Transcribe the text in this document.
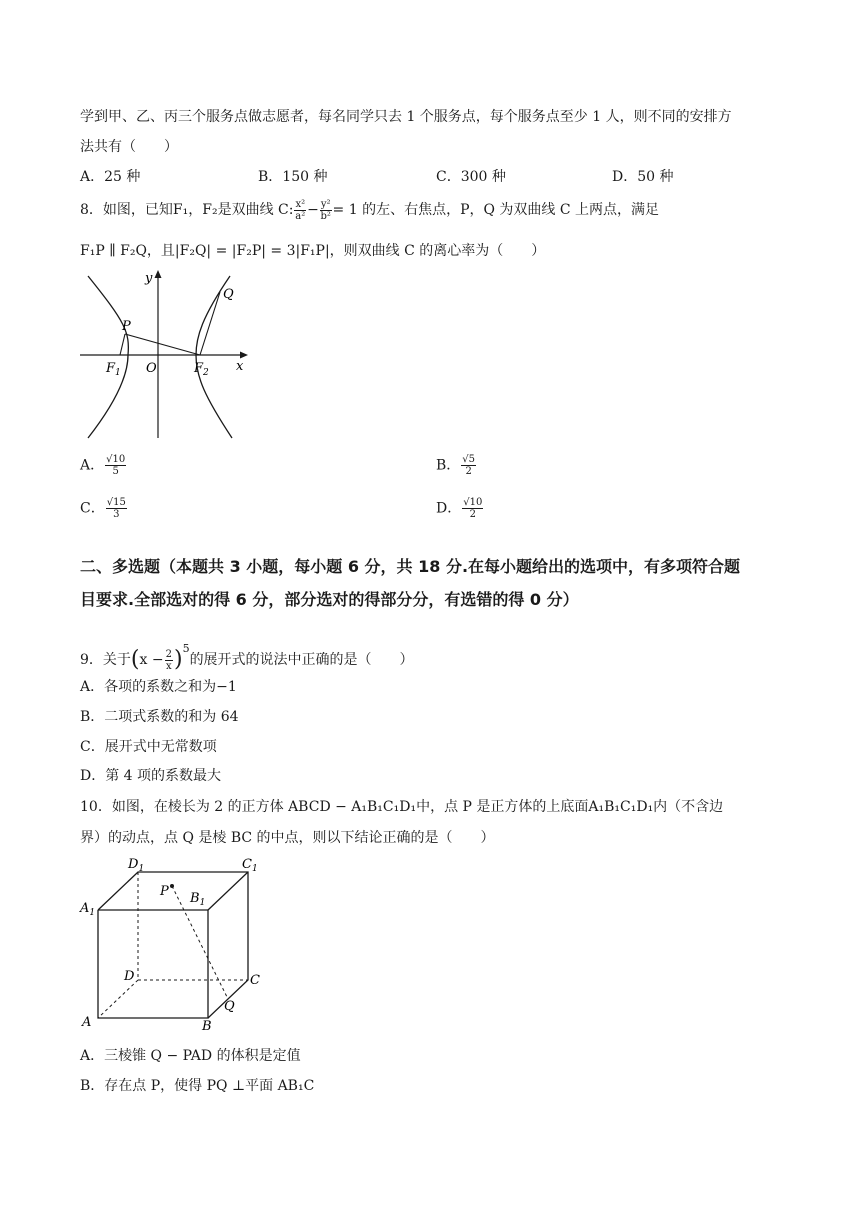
学到甲、乙、丙三个服务点做志愿者，每名同学只去 1 个服务点，每个服务点至少 1 人，则不同的安排方
法共有（　　）
A．25 种	B．150 种	C．300 种	D．50 种
8．如图，已知F₁，F₂是双曲线 C: $\frac{\text{x²}}{\text{a²}} - \frac{\text{y²}}{\text{b²}} = 1$ 的左、右焦点，P，Q 为双曲线 C 上两点，满足
F₁P ∥ F₂Q，且|F₂Q| = |F₂P| = 3|F₁P|，则双曲线 C 的离心率为（　　）
y
x
O
P
Q
$F_1$	$F_2$
A． $\frac{√10}{5}$	B． $\frac{√5}{2}$
C． $\frac{√15}{3}$	D． $\frac{√10}{2}$
二、多选题（本题共 3 小题，每小题 6 分，共 18 分.在每小题给出的选项中，有多项符合题
目要求.全部选对的得 6 分，部分选对的得部分分，有选错的得 0 分）
9．关于$(x - \frac{2}{x} )^5$的展开式的说法中正确的是（　　）
A．各项的系数之和为−1
B．二项式系数的和为 64
C．展开式中无常数项
D．第 4 项的系数最大
10．如图，在棱长为 2 的正方体 ABCD − A₁B₁C₁D₁中，点 P 是正方体的上底面A₁B₁C₁D₁内（不含边
界）的动点，点 Q 是棱 BC 的中点，则以下结论正确的是（　　）
$D_1$	$C_1$
$A_1$
$B_1$
P
D	C
A	B
Q
A．三棱锥 Q − PAD 的体积是定值
B．存在点 P，使得 PQ ⊥平面 AB₁C
